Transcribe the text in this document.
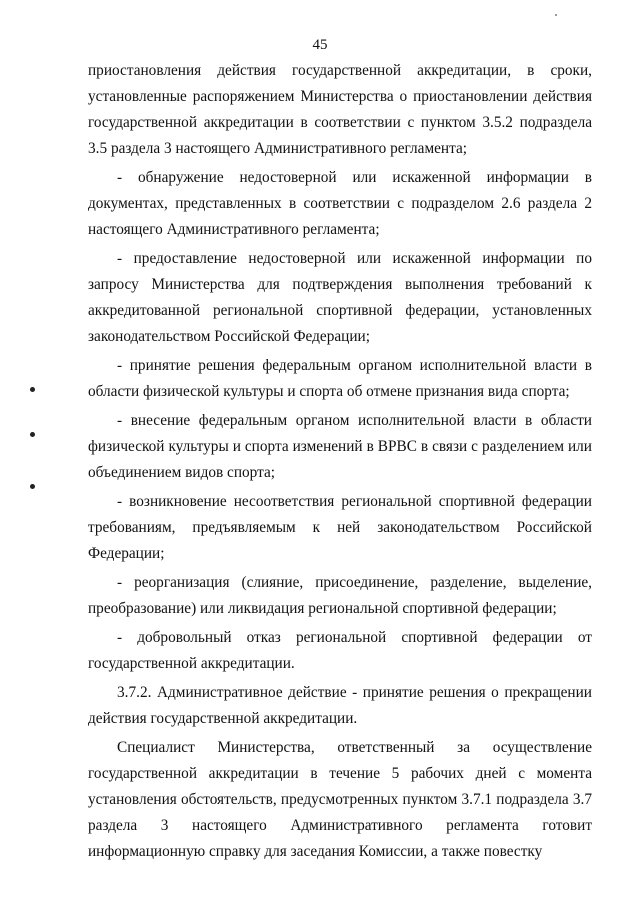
45

приостановления действия государственной аккредитации, в сроки, установленные распоряжением Министерства о приостановлении действия государственной аккредитации в соответствии с пунктом 3.5.2 подраздела 3.5 раздела 3 настоящего Административного регламента;

- обнаружение недостоверной или искаженной информации в документах, представленных в соответствии с подразделом 2.6 раздела 2 настоящего Административного регламента;

- предоставление недостоверной или искаженной информации по запросу Министерства для подтверждения выполнения требований к аккредитованной региональной спортивной федерации, установленных законодательством Российской Федерации;

- принятие решения федеральным органом исполнительной власти в области физической культуры и спорта об отмене признания вида спорта;

- внесение федеральным органом исполнительной власти в области физической культуры и спорта изменений в ВРВС в связи с разделением или объединением видов спорта;

- возникновение несоответствия региональной спортивной федерации требованиям, предъявляемым к ней законодательством Российской Федерации;

- реорганизация (слияние, присоединение, разделение, выделение, преобразование) или ликвидация региональной спортивной федерации;

- добровольный отказ региональной спортивной федерации от государственной аккредитации.

3.7.2. Административное действие - принятие решения о прекращении действия государственной аккредитации.

Специалист Министерства, ответственный за осуществление государственной аккредитации в течение 5 рабочих дней с момента установления обстоятельств, предусмотренных пунктом 3.7.1 подраздела 3.7 раздела 3 настоящего Административного регламента готовит информационную справку для заседания Комиссии, а также повестку
